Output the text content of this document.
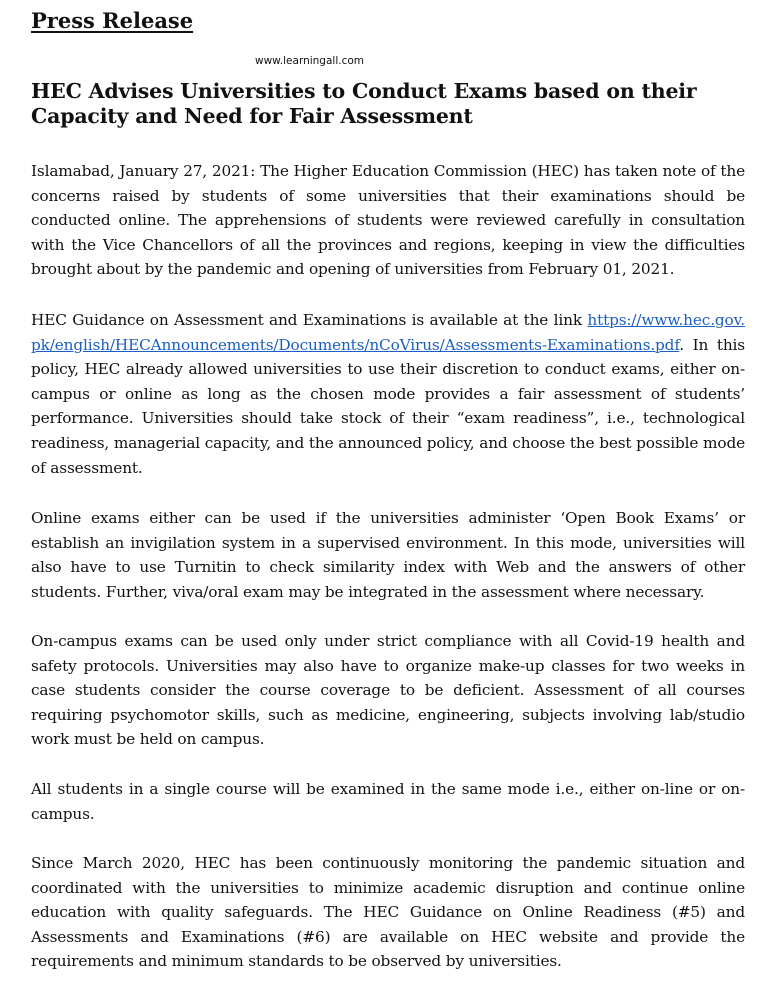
Press Release
www.learningall.com
HEC Advises Universities to Conduct Exams based on their Capacity and Need for Fair Assessment

Islamabad, January 27, 2021: The Higher Education Commission (HEC) has taken note of the concerns raised by students of some universities that their examinations should be conducted online. The apprehensions of students were reviewed carefully in consultation with the Vice Chancellors of all the provinces and regions, keeping in view the difficulties brought about by the pandemic and opening of universities from February 01, 2021.

HEC Guidance on Assessment and Examinations is available at the link https://www.hec.gov.pk/english/HECAnnouncements/Documents/nCoVirus/Assessments-Examinations.pdf. In this policy, HEC already allowed universities to use their discretion to conduct exams, either on-campus or online as long as the chosen mode provides a fair assessment of students’ performance. Universities should take stock of their “exam readiness”, i.e., technological readiness, managerial capacity, and the announced policy, and choose the best possible mode of assessment.

Online exams either can be used if the universities administer ‘Open Book Exams’ or establish an invigilation system in a supervised environment. In this mode, universities will also have to use Turnitin to check similarity index with Web and the answers of other students. Further, viva/oral exam may be integrated in the assessment where necessary.

On-campus exams can be used only under strict compliance with all Covid-19 health and safety protocols. Universities may also have to organize make-up classes for two weeks in case students consider the course coverage to be deficient. Assessment of all courses requiring psychomotor skills, such as medicine, engineering, subjects involving lab/studio work must be held on campus.

All students in a single course will be examined in the same mode i.e., either on-line or on-campus.

Since March 2020, HEC has been continuously monitoring the pandemic situation and coordinated with the universities to minimize academic disruption and continue online education with quality safeguards. The HEC Guidance on Online Readiness (#5) and Assessments and Examinations (#6) are available on HEC website and provide the requirements and minimum standards to be observed by universities.
